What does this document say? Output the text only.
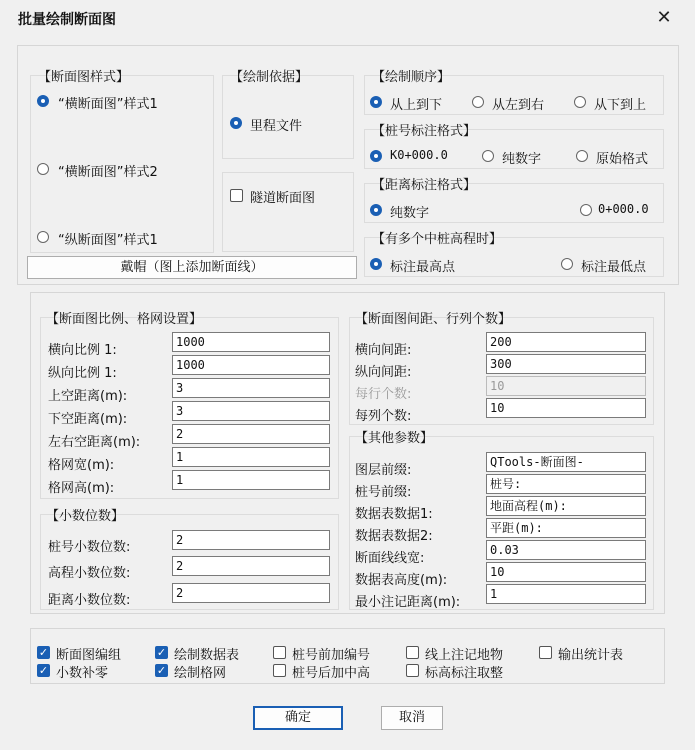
批量绘制断面图	✕
【断面图样式】
“横断面图”样式1
“横断面图”样式2
“纵断面图”样式1
戴帽（图上添加断面线）
【绘制依据】
里程文件
隧道断面图
【绘制顺序】
从上到下	从左到右	从下到上
【桩号标注格式】
K0+000.0	纯数字	原始格式
【距离标注格式】
纯数字	0+000.0
【有多个中桩高程时】
标注最高点	标注最低点
【断面图比例、格网设置】
【小数位数】
【断面图间距、行列个数】
【其他参数】
横向比例 1:
1000
纵向比例 1:
1000
上空距离(m):
3
下空距离(m):
3
左右空距离(m):
2
格网宽(m):
1
格网高(m):
1
桩号小数位数:	2
高程小数位数:	2
距离小数位数:	2
横向间距:
200
纵向间距:
300
每行个数:
10
每列个数:
10
图层前缀:
QTools-断面图-
桩号前缀:
桩号:
数据表数据1:
地面高程(m):
数据表数据2:
平距(m):
断面线线宽:
0.03
数据表高度(m):
10
最小注记距离(m):
1
✓ 断面图编组	✓ 绘制数据表	桩号前加编号	线上注记地物	输出统计表
✓ 小数补零	✓ 绘制格网	桩号后加中高	标高标注取整
确定	取消
